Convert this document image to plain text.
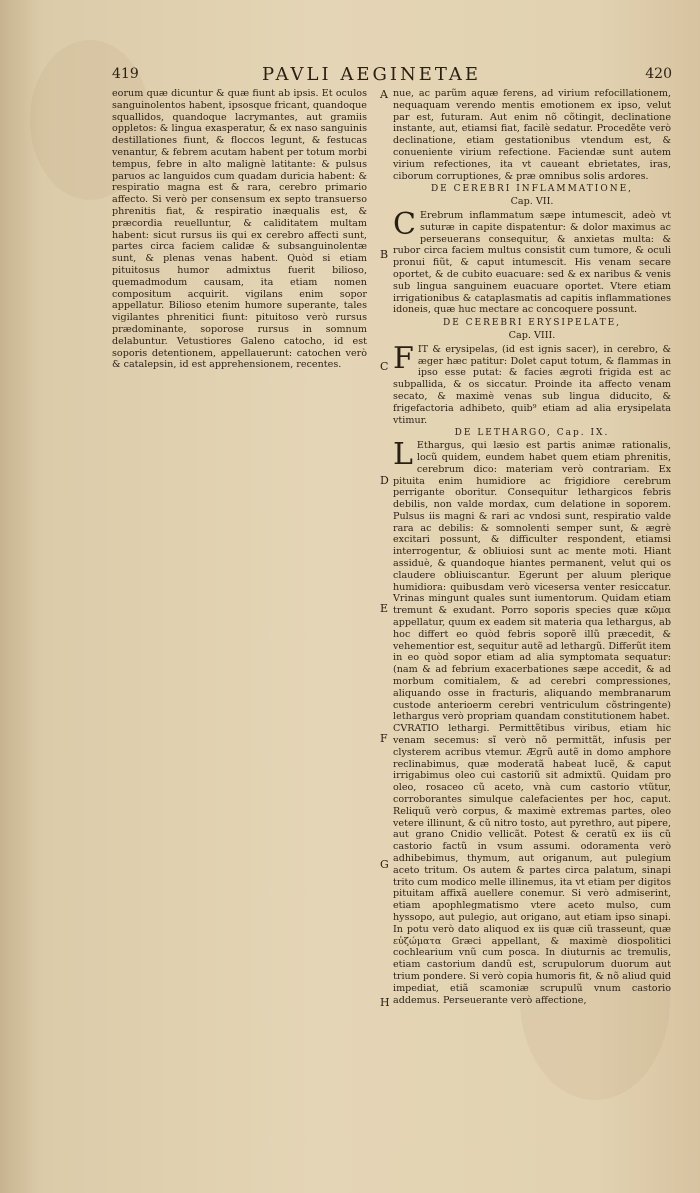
419	PAVLI AEGINETAE	420

eorum quæ dicuntur & quæ fiunt ab ipsis. Et oculos sanguinolentos habent, ipsosque fricant, quandoque squallidos, quandoque lacrymantes, aut gramiis oppletos: & lingua exasperatur, & ex naso sanguinis destillationes fiunt, & floccos legunt, & festucas venantur, & febrem acutam habent per totum morbi tempus, febre in alto malignè latitante: & pulsus paruos ac languidos cum quadam duricia habent: & respiratio magna est & rara, cerebro primario affecto. Si verò per consensum ex septo transuerso phrenitis fiat, & respiratio inæqualis est, & præcordia reuelluntur, & caliditatem multam habent: sicut rursus iis qui ex cerebro affecti sunt, partes circa faciem calidæ & subsanguinolentæ sunt, & plenas venas habent. Quòd si etiam pituitosus humor admixtus fuerit bilioso, quemadmodum causam, ita etiam nomen compositum acquirit. vigilans enim sopor appellatur. Bilioso etenim humore superante, tales vigilantes phrenitici fiunt: pituitoso verò rursus prædominante, soporose rursus in somnum delabuntur. Vetustiores Galeno catocho, id est soporis detentionem, appellauerunt: catochen verò & catalepsin, id est apprehensionem, recentes.

A
B
C
D
E
F
G
H

nue, ac parũm aquæ ferens, ad virium refocillationem, nequaquam verendo mentis emotionem ex ipso, velut par est, futuram. Aut enim nõ cõtingit, declinatione instante, aut, etiamsi fiat, facilè sedatur. Procedẽte verò declinatione, etiam gestationibus vtendum est, & conueniente virium refectione. Faciendæ sunt autem virium refectiones, ita vt caueant ebrietates, iras, ciborum corruptiones, & præ omnibus solis ardores.

DE CEREBRI INFLAMMATIONE,
Cap. VII.

C Erebrum inflammatum sæpe intumescit, adeò vt suturæ in capite dispatentur: & dolor maximus ac perseuerans consequitur, & anxietas multa: & rubor circa faciem multus consistit cum tumore, & oculi pronui fiũt, & caput intumescit. His venam secare oportet, & de cubito euacuare: sed & ex naribus & venis sub lingua sanguinem euacuare oportet. Vtere etiam irrigationibus & cataplasmatis ad capitis inflammationes idoneis, quæ huc mectare ac concoquere possunt.

DE CEREBRI ERYSIPELATE,
Cap. VIII.

F IT & erysipelas, (id est ignis sacer), in cerebro, & æger hæc patitur: Dolet caput totum, & flammas in ipso esse putat: & facies ægroti frigida est ac subpallida, & os siccatur. Proinde ita affecto venam secato, & maximè venas sub lingua diducito, & frigefactoria adhibeto, quib⁹ etiam ad alia erysipelata vtimur.

DE LETHARGO, Cap. IX.

L Ethargus, qui læsio est partis animæ rationalis, locũ quidem, eundem habet quem etiam phrenitis, cerebrum dico: materiam verò contrariam. Ex pituita enim humidiore ac frigidiore cerebrum perrigante oboritur. Consequitur lethargicos febris debilis, non valde mordax, cum delatione in soporem. Pulsus iis magni & rari ac vndosi sunt, respiratio valde rara ac debilis: & somnolenti semper sunt, & ægrè excitari possunt, & difficulter respondent, etiamsi interrogentur, & obliuiosi sunt ac mente moti. Hiant assiduè, & quandoque hiantes permanent, velut qui os claudere obliuiscantur. Egerunt per aluum plerique humidiora: quibusdam verò vicesersa venter resiccatur. Vrinas mingunt quales sunt iumentorum. Quidam etiam tremunt & exudant. Porro soporis species quæ κῶμα appellatur, quum ex eadem sit materia qua lethargus, ab hoc differt eo quòd febris soporẽ illũ præcedit, & vehementior est, sequitur autẽ ad lethargũ. Differũt item in eo quòd sopor etiam ad alia symptomata sequatur: (nam & ad febrium exacerbationes sæpe accedit, & ad morbum comitialem, & ad cerebri compressiones, aliquando osse in fracturis, aliquando membranarum custode anterioerm cerebri ventriculum cõstringente) lethargus verò propriam quandam constitutionem habet.

CVRATIO lethargi. Permittẽtibus viribus, etiam hic venam secemus: sĩ verò nõ permittãt, infusis per clysterem acribus vtemur. Ægrũ autẽ in domo amphore reclinabimus, quæ moderatã habeat lucẽ, & caput irrigabimus oleo cui castoriũ sit admixtũ. Quidam pro oleo, rosaceo cũ aceto, vnà cum castorio vtũtur, corroborantes simulque calefacientes per hoc, caput. Reliquũ verò corpus, & maximè extremas partes, oleo vetere illinunt, & cũ nitro tosto, aut pyrethro, aut pipere, aut grano Cnidio vellicãt. Potest & ceratũ ex iis cũ castorio factũ in vsum assumi. odoramenta verò adhibebimus, thymum, aut origanum, aut pulegium aceto tritum. Os autem & partes circa palatum, sinapi trito cum modico melle illinemus, ita vt etiam per digitos pituitam affixã auellere conemur. Si verò admiserint, etiam apophlegmatismo vtere aceto mulso, cum hyssopo, aut pulegio, aut origano, aut etiam ipso sinapi. In potu verò dato aliquod ex iis quæ ciũ trasseunt, quæ εὐζώματα Græci appellant, & maximè diospolitici cochlearium vnũ cum posca. In diuturnis ac tremulis, etiam castorium dandũ est, scrupulorum duorum aut trium pondere. Si verò copia humoris fit, & nõ aliud quid impediat, etiã scamoniæ scrupulũ vnum castorio addemus. Perseuerante verò affectione,
